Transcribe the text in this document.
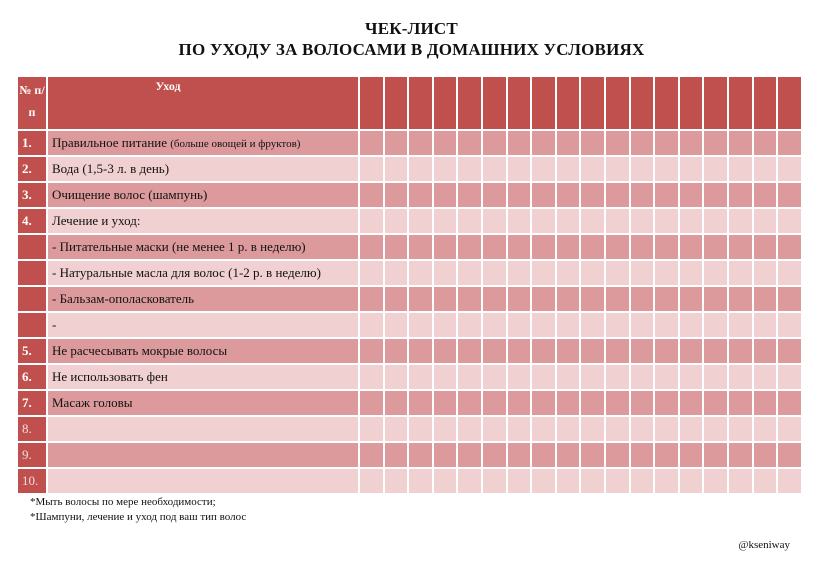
ЧЕК-ЛИСТ
ПО УХОДУ ЗА ВОЛОСАМИ В ДОМАШНИХ УСЛОВИЯХ
№ п/п	Уход																		
1.	Правильное питание (больше овощей и фруктов)																		
2.	Вода (1,5-3 л. в день)																		
3.	Очищение волос (шампунь)																		
4.	Лечение и уход:																		
	- Питательные маски (не менее 1 р. в неделю)																		
	- Натуральные масла для волос (1-2 р. в неделю)																		
	- Бальзам-ополаскователь																		
	-																		
5.	Не расчесывать мокрые волосы																		
6.	Не использовать фен																		
7.	Масаж головы																		
8.																			
9.																			
10.																			
*Мыть волосы по мере необходимости;
*Шампуни, лечение и уход под ваш тип волос
@kseniway
